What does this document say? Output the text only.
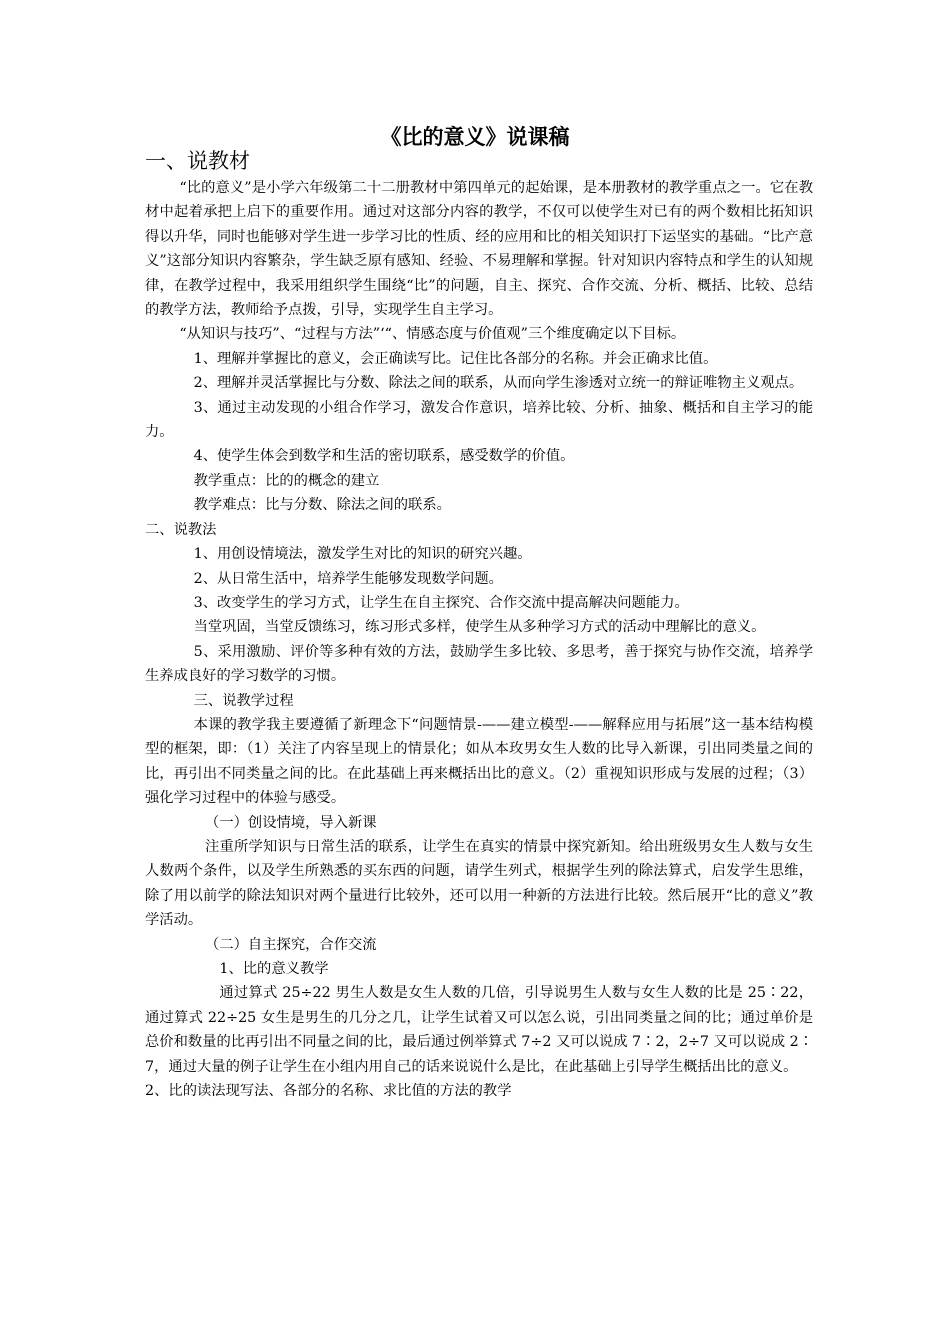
《比的意义》说课稿
一、说教材

“比的意义”是小学六年级第二十二册教材中第四单元的起始课，是本册教材的教学重点之一。它在教材中起着承把上启下的重要作用。通过对这部分内容的教学，不仅可以使学生对已有的两个数相比拓知识得以升华，同时也能够对学生进一步学习比的性质、经的应用和比的相关知识打下运坚实的基础。“比产意义”这部分知识内容繁杂，学生缺乏原有感知、经验、不易理解和掌握。针对知识内容特点和学生的认知规律，在教学过程中，我采用组织学生围绕“比”的问题，自主、探究、合作交流、分析、概括、比较、总结的教学方法，教师给予点拨，引导，实现学生自主学习。

“从知识与技巧”、“过程与方法”‘“、情感态度与价值观”三个维度确定以下目标。

1、理解并掌握比的意义，会正确读写比。记住比各部分的名称。并会正确求比值。

2、理解并灵活掌握比与分数、除法之间的联系，从而向学生渗透对立统一的辩证唯物主义观点。

3、通过主动发现的小组合作学习，激发合作意识，培养比较、分析、抽象、概括和自主学习的能力。

4、使学生体会到数学和生活的密切联系，感受数学的价值。

教学重点：比的的概念的建立

教学难点：比与分数、除法之间的联系。

二、说教法

1、用创设情境法，激发学生对比的知识的研究兴趣。

2、从日常生活中，培养学生能够发现数学问题。

3、改变学生的学习方式，让学生在自主探究、合作交流中提高解决问题能力。

当堂巩固，当堂反馈练习，练习形式多样，使学生从多种学习方式的活动中理解比的意义。

5、采用激励、评价等多种有效的方法，鼓励学生多比较、多思考，善于探究与协作交流，培养学生养成良好的学习数学的习惯。

三、说教学过程

本课的教学我主要遵循了新理念下“问题情景-——建立模型-——解释应用与拓展”这一基本结构模型的框架，即：（1）关注了内容呈现上的情景化；如从本玫男女生人数的比导入新课，引出同类量之间的比，再引出不同类量之间的比。在此基础上再来概括出比的意义。（2）重视知识形成与发展的过程；（3）强化学习过程中的体验与感受。

（一）创设情境，导入新课

注重所学知识与日常生活的联系，让学生在真实的情景中探究新知。给出班级男女生人数与女生人数两个条件，以及学生所熟悉的买东西的问题，请学生列式，根据学生列的除法算式，启发学生思维，除了用以前学的除法知识对两个量进行比较外，还可以用一种新的方法进行比较。然后展开“比的意义”教学活动。

（二）自主探究，合作交流

1、比的意义教学

通过算式 25÷22 男生人数是女生人数的几倍，引导说男生人数与女生人数的比是 25∶22，通过算式 22÷25 女生是男生的几分之几，让学生试着又可以怎么说，引出同类量之间的比；通过单价是总价和数量的比再引出不同量之间的比，最后通过例举算式 7÷2 又可以说成 7∶2，2÷7 又可以说成 2∶7，通过大量的例子让学生在小组内用自己的话来说说什么是比，在此基础上引导学生概括出比的意义。

2、比的读法现写法、各部分的名称、求比值的方法的教学
